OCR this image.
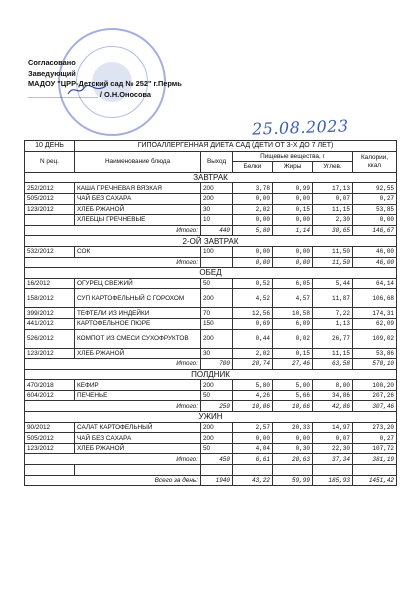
Согласовано
Заведующий
МАДОУ "ЦРР-Детский сад № 252" г.Пермь
_________________ / О.Н.Оносова
25.08.2023
10 ДЕНЬ	ГИПОАЛЛЕРГЕННАЯ ДИЕТА САД (ДЕТИ ОТ 3-Х ДО 7 ЛЕТ)					
N рец.	Наименование блюда	Выход	Пищевые вещества, г			Калории, ккал
			Белки	Жиры	Углев.	
ЗАВТРАК						
252/2012	КАША ГРЕЧНЕВАЯ ВЯЗКАЯ	200	3,78	0,99	17,13	92,55
505/2012	ЧАЙ БЕЗ САХАРА	200	0,00	0,00	0,07	0,27
123/2012	ХЛЕБ РЖАНОЙ	30	2,02	0,15	11,15	53,85
	ХЛЕБЦЫ ГРЕЧНЕВЫЕ	10	0,00	0,00	2,30	0,00
Итого:		440	5,80	1,14	30,65	146,67
2-ОЙ ЗАВТРАК						
532/2012	СОК	100	0,00	0,00	11,50	46,00
Итого:			0,00	0,00	11,50	46,00
ОБЕД						
16/2012	ОГУРЕЦ СВЕЖИЙ	50	0,52	6,05	5,44	64,14
158/2012	СУП КАРТОФЕЛЬНЫЙ С ГОРОХОМ	200	4,52	4,57	11,87	106,68
399/2012	ТЕФТЕЛИ ИЗ ИНДЕЙКИ	70	12,56	10,58	7,22	174,31
441/2012	КАРТОФЕЛЬНОЕ ПЮРЕ	150	0,69	6,09	1,13	62,09
526/2012	КОМПОТ ИЗ СМЕСИ СУХОФРУКТОВ	200	0,44	0,02	26,77	109,02
123/2012	ХЛЕБ РЖАНОЙ	30	2,02	0,15	11,15	53,86
Итого:		700	20,74	27,46	63,58	570,10
ПОЛДНИК						
470/2018	КЕФИР	200	5,80	5,00	8,00	100,20
604/2012	ПЕЧЕНЬЕ	50	4,26	5,66	34,86	207,26
Итого:		250	10,06	10,66	42,86	307,46
УЖИН						
90/2012	САЛАТ КАРТОФЕЛЬНЫЙ	200	2,57	20,33	14,97	273,20
505/2012	ЧАЙ БЕЗ САХАРА	200	0,00	0,00	0,07	0,27
123/2012	ХЛЕБ РЖАНОЙ	50	4,04	0,30	22,30	107,72
Итого:		450	6,61	20,63	37,34	381,19

Всего за день:		1940	43,22	59,99	185,93	1451,42
